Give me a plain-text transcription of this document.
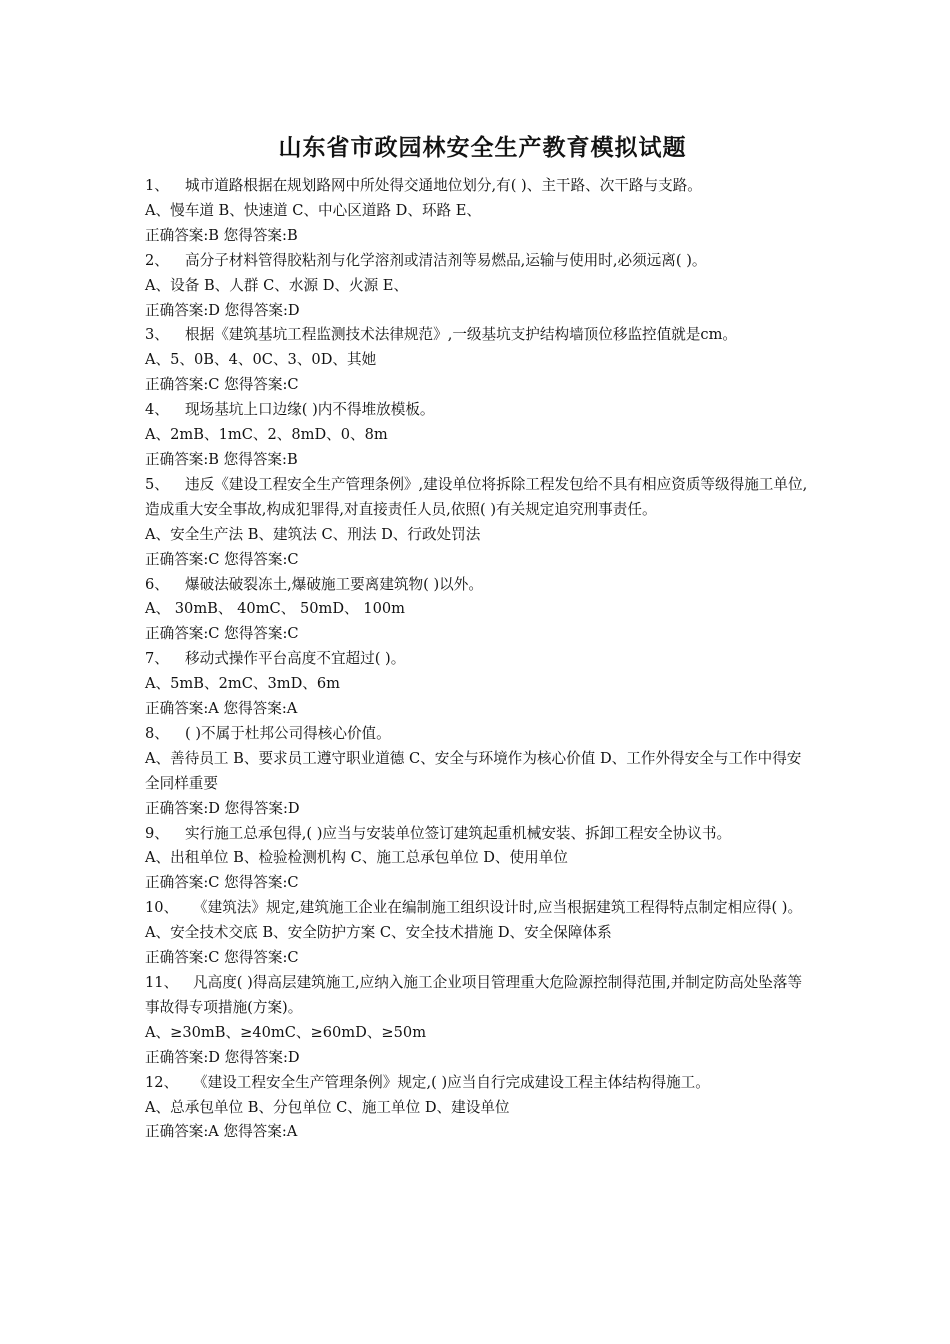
山东省市政园林安全生产教育模拟试题

1、 城市道路根据在规划路网中所处得交通地位划分,有( )、主干路、次干路与支路。

A、慢车道 B、快速道 C、中心区道路 D、环路 E、

正确答案:B 您得答案:B

2、 高分子材料管得胶粘剂与化学溶剂或清洁剂等易燃品,运输与使用时,必须远离( )。

A、设备 B、人群 C、水源 D、火源 E、

正确答案:D 您得答案:D

3、 根据《建筑基坑工程监测技术法律规范》,一级基坑支护结构墙顶位移监控值就是cm。

A、5、0B、4、0C、3、0D、其她

正确答案:C 您得答案:C

4、 现场基坑上口边缘( )内不得堆放模板。

A、2mB、1mC、2、8mD、0、8m

正确答案:B 您得答案:B

5、 违反《建设工程安全生产管理条例》,建设单位将拆除工程发包给不具有相应资质等级得施工单位,造成重大安全事故,构成犯罪得,对直接责任人员,依照( )有关规定追究刑事责任。

A、安全生产法 B、建筑法 C、刑法 D、行政处罚法

正确答案:C 您得答案:C

6、 爆破法破裂冻土,爆破施工要离建筑物( )以外。

A、 30mB、 40mC、 50mD、 100m

正确答案:C 您得答案:C

7、 移动式操作平台高度不宜超过( )。

A、5mB、2mC、3mD、6m

正确答案:A 您得答案:A

8、 ( )不属于杜邦公司得核心价值。

A、善待员工 B、要求员工遵守职业道德 C、安全与环境作为核心价值 D、工作外得安全与工作中得安全同样重要

正确答案:D 您得答案:D

9、 实行施工总承包得,( )应当与安装单位签订建筑起重机械安装、拆卸工程安全协议书。

A、出租单位 B、检验检测机构 C、施工总承包单位 D、使用单位

正确答案:C 您得答案:C

10、 《建筑法》规定,建筑施工企业在编制施工组织设计时,应当根据建筑工程得特点制定相应得( )。

A、安全技术交底 B、安全防护方案 C、安全技术措施 D、安全保障体系

正确答案:C 您得答案:C

11、 凡高度( )得高层建筑施工,应纳入施工企业项目管理重大危险源控制得范围,并制定防高处坠落等事故得专项措施(方案)。

A、≥30mB、≥40mC、≥60mD、≥50m

正确答案:D 您得答案:D

12、 《建设工程安全生产管理条例》规定,( )应当自行完成建设工程主体结构得施工。

A、总承包单位 B、分包单位 C、施工单位 D、建设单位

正确答案:A 您得答案:A
